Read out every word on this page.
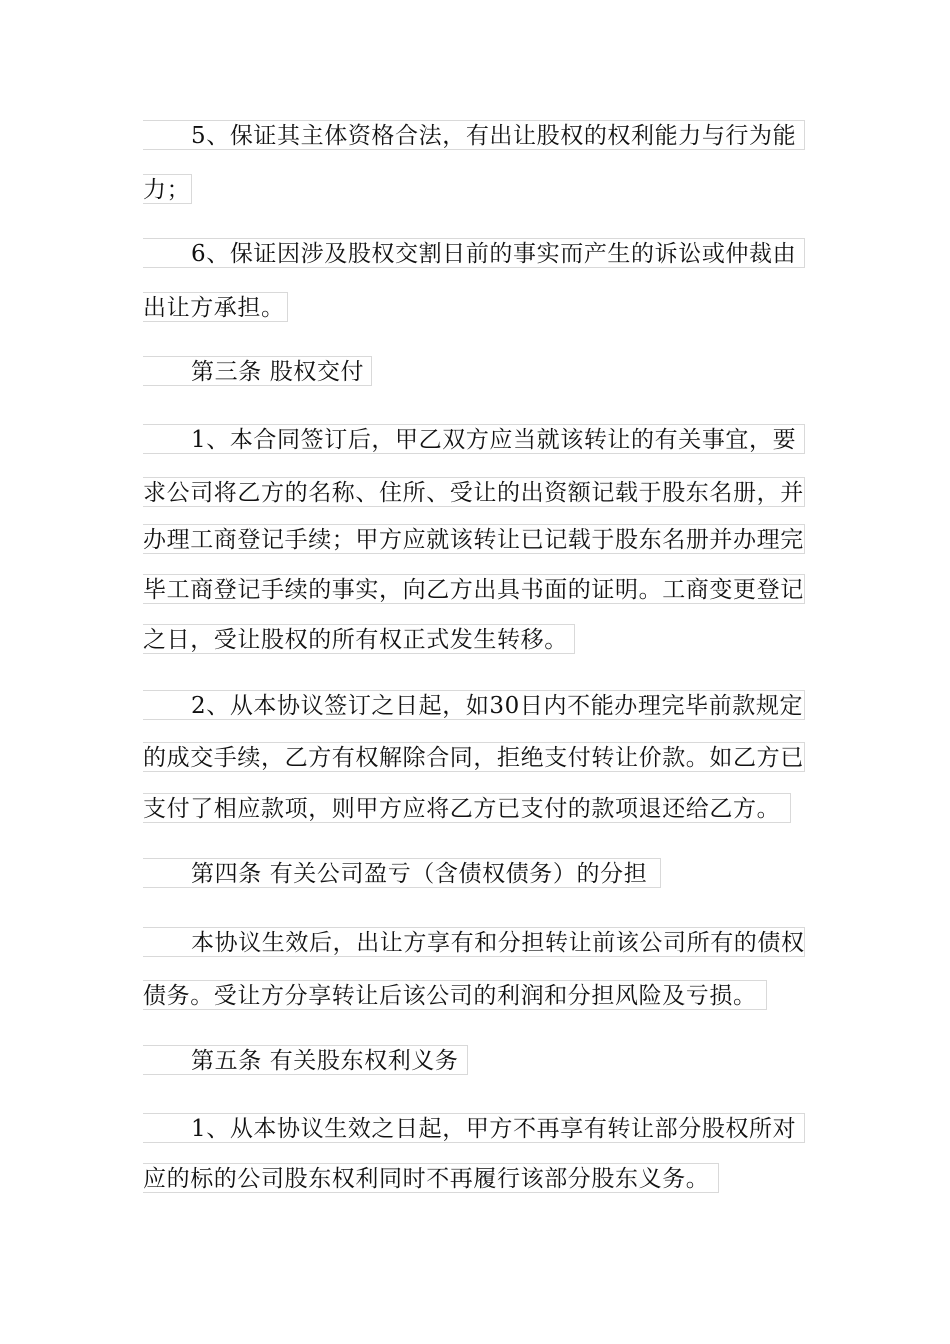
5、保证其主体资格合法，有出让股权的权利能力与行为能
力；
6、保证因涉及股权交割日前的事实而产生的诉讼或仲裁由
出让方承担。
第三条 股权交付
1、本合同签订后，甲乙双方应当就该转让的有关事宜，要
求公司将乙方的名称、住所、受让的出资额记载于股东名册，并
办理工商登记手续；甲方应就该转让已记载于股东名册并办理完
毕工商登记手续的事实，向乙方出具书面的证明。工商变更登记
之日，受让股权的所有权正式发生转移。
2、从本协议签订之日起，如30日内不能办理完毕前款规定
的成交手续，乙方有权解除合同，拒绝支付转让价款。如乙方已
支付了相应款项，则甲方应将乙方已支付的款项退还给乙方。
第四条 有关公司盈亏（含债权债务）的分担
本协议生效后，出让方享有和分担转让前该公司所有的债权
债务。受让方分享转让后该公司的利润和分担风险及亏损。
第五条 有关股东权利义务
1、从本协议生效之日起，甲方不再享有转让部分股权所对
应的标的公司股东权利同时不再履行该部分股东义务。
